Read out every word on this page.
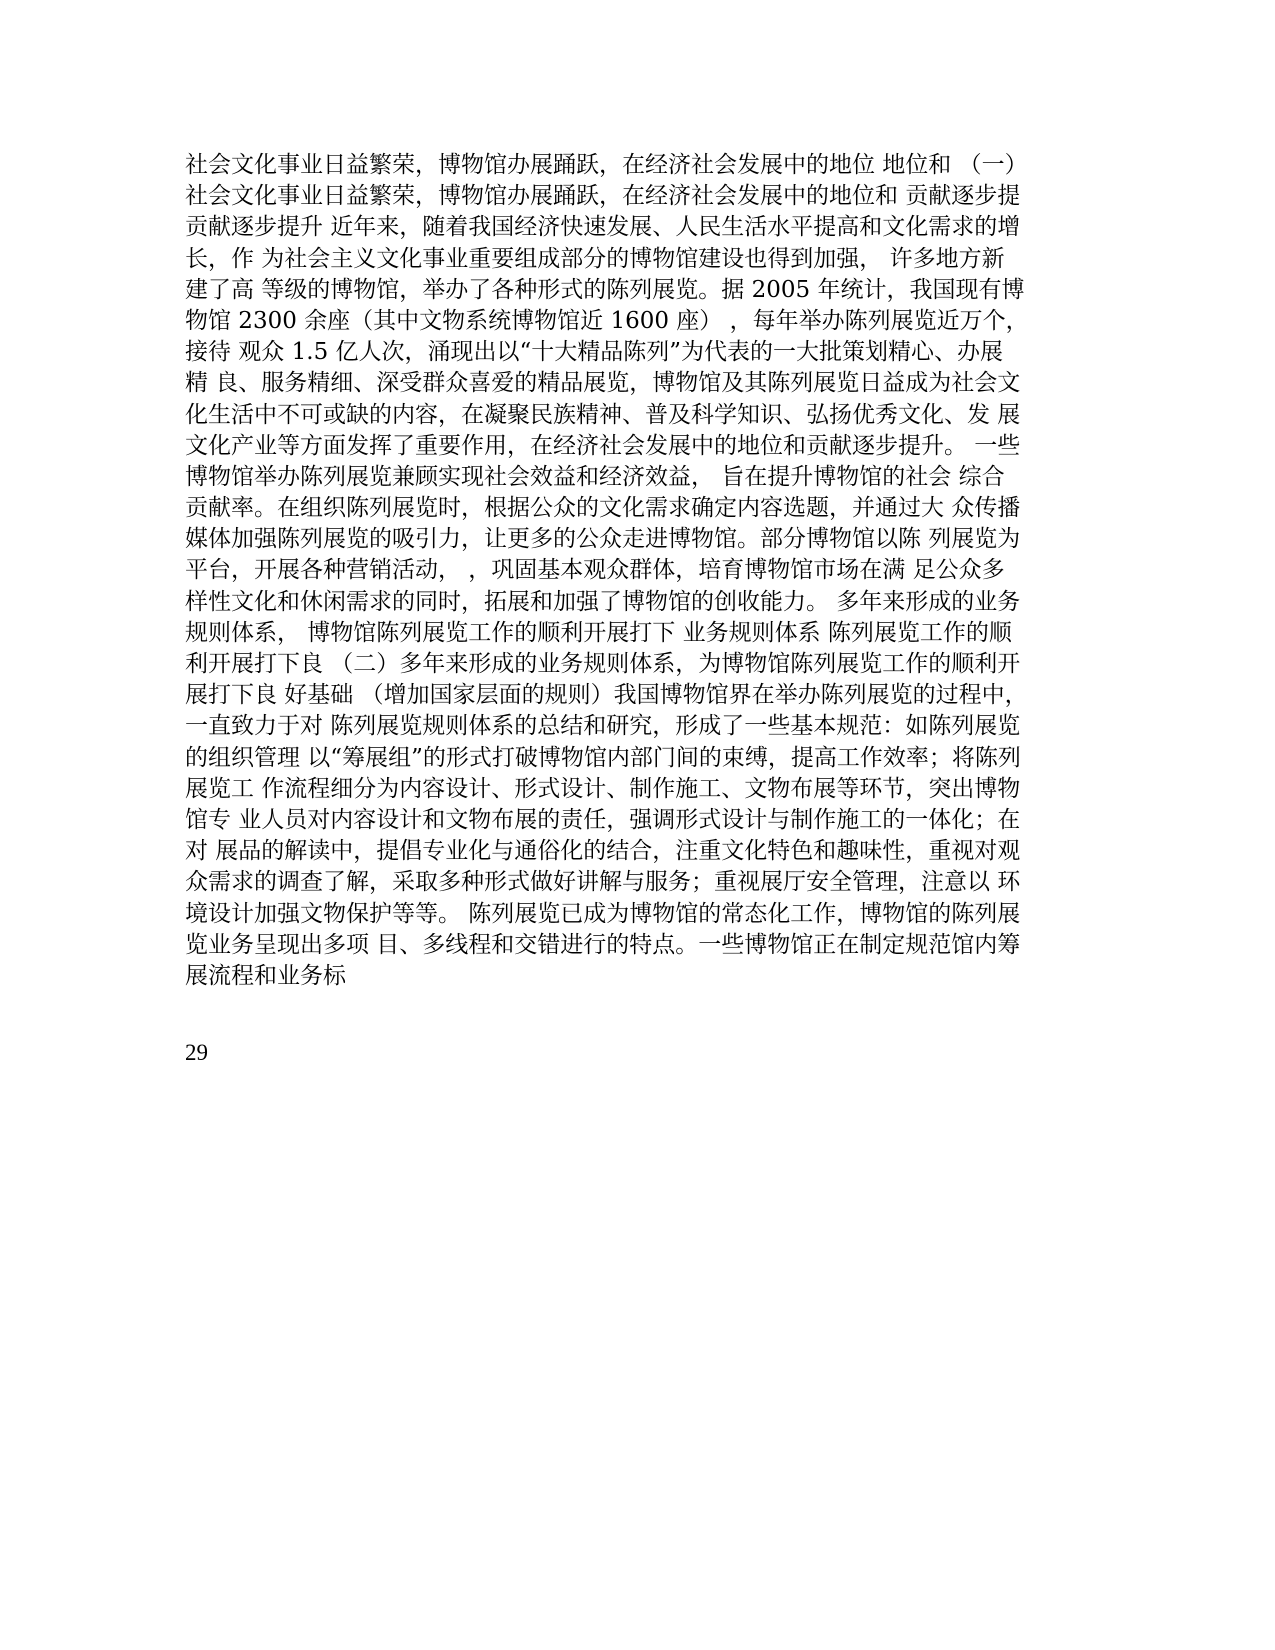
社会文化事业日益繁荣，博物馆办展踊跃，在经济社会发展中的地位 地位和 （一）
社会文化事业日益繁荣，博物馆办展踊跃，在经济社会发展中的地位和 贡献逐步提
贡献逐步提升 近年来，随着我国经济快速发展、人民生活水平提高和文化需求的增
长，作 为社会主义文化事业重要组成部分的博物馆建设也得到加强， 许多地方新
建了高 等级的博物馆，举办了各种形式的陈列展览。据 2005 年统计，我国现有博
物馆 2300 余座（其中文物系统博物馆近 1600 座） ，每年举办陈列展览近万个，
接待 观众 1.5 亿人次，涌现出以“十大精品陈列”为代表的一大批策划精心、办展
精 良、服务精细、深受群众喜爱的精品展览，博物馆及其陈列展览日益成为社会文
化生活中不可或缺的内容，在凝聚民族精神、普及科学知识、弘扬优秀文化、发 展
文化产业等方面发挥了重要作用，在经济社会发展中的地位和贡献逐步提升。 一些
博物馆举办陈列展览兼顾实现社会效益和经济效益， 旨在提升博物馆的社会 综合
贡献率。在组织陈列展览时，根据公众的文化需求确定内容选题，并通过大 众传播
媒体加强陈列展览的吸引力，让更多的公众走进博物馆。部分博物馆以陈 列展览为
平台，开展各种营销活动， ，巩固基本观众群体，培育博物馆市场在满 足公众多
样性文化和休闲需求的同时，拓展和加强了博物馆的创收能力。 多年来形成的业务
规则体系， 博物馆陈列展览工作的顺利开展打下 业务规则体系 陈列展览工作的顺
利开展打下良 （二）多年来形成的业务规则体系，为博物馆陈列展览工作的顺利开
展打下良 好基础 （增加国家层面的规则）我国博物馆界在举办陈列展览的过程中，
一直致力于对 陈列展览规则体系的总结和研究，形成了一些基本规范：如陈列展览
的组织管理 以“筹展组”的形式打破博物馆内部门间的束缚，提高工作效率；将陈列
展览工 作流程细分为内容设计、形式设计、制作施工、文物布展等环节，突出博物
馆专 业人员对内容设计和文物布展的责任，强调形式设计与制作施工的一体化；在
对 展品的解读中，提倡专业化与通俗化的结合，注重文化特色和趣味性，重视对观
众需求的调查了解，采取多种形式做好讲解与服务；重视展厅安全管理，注意以 环
境设计加强文物保护等等。 陈列展览已成为博物馆的常态化工作，博物馆的陈列展
览业务呈现出多项 目、多线程和交错进行的特点。一些博物馆正在制定规范馆内筹
展流程和业务标
29
